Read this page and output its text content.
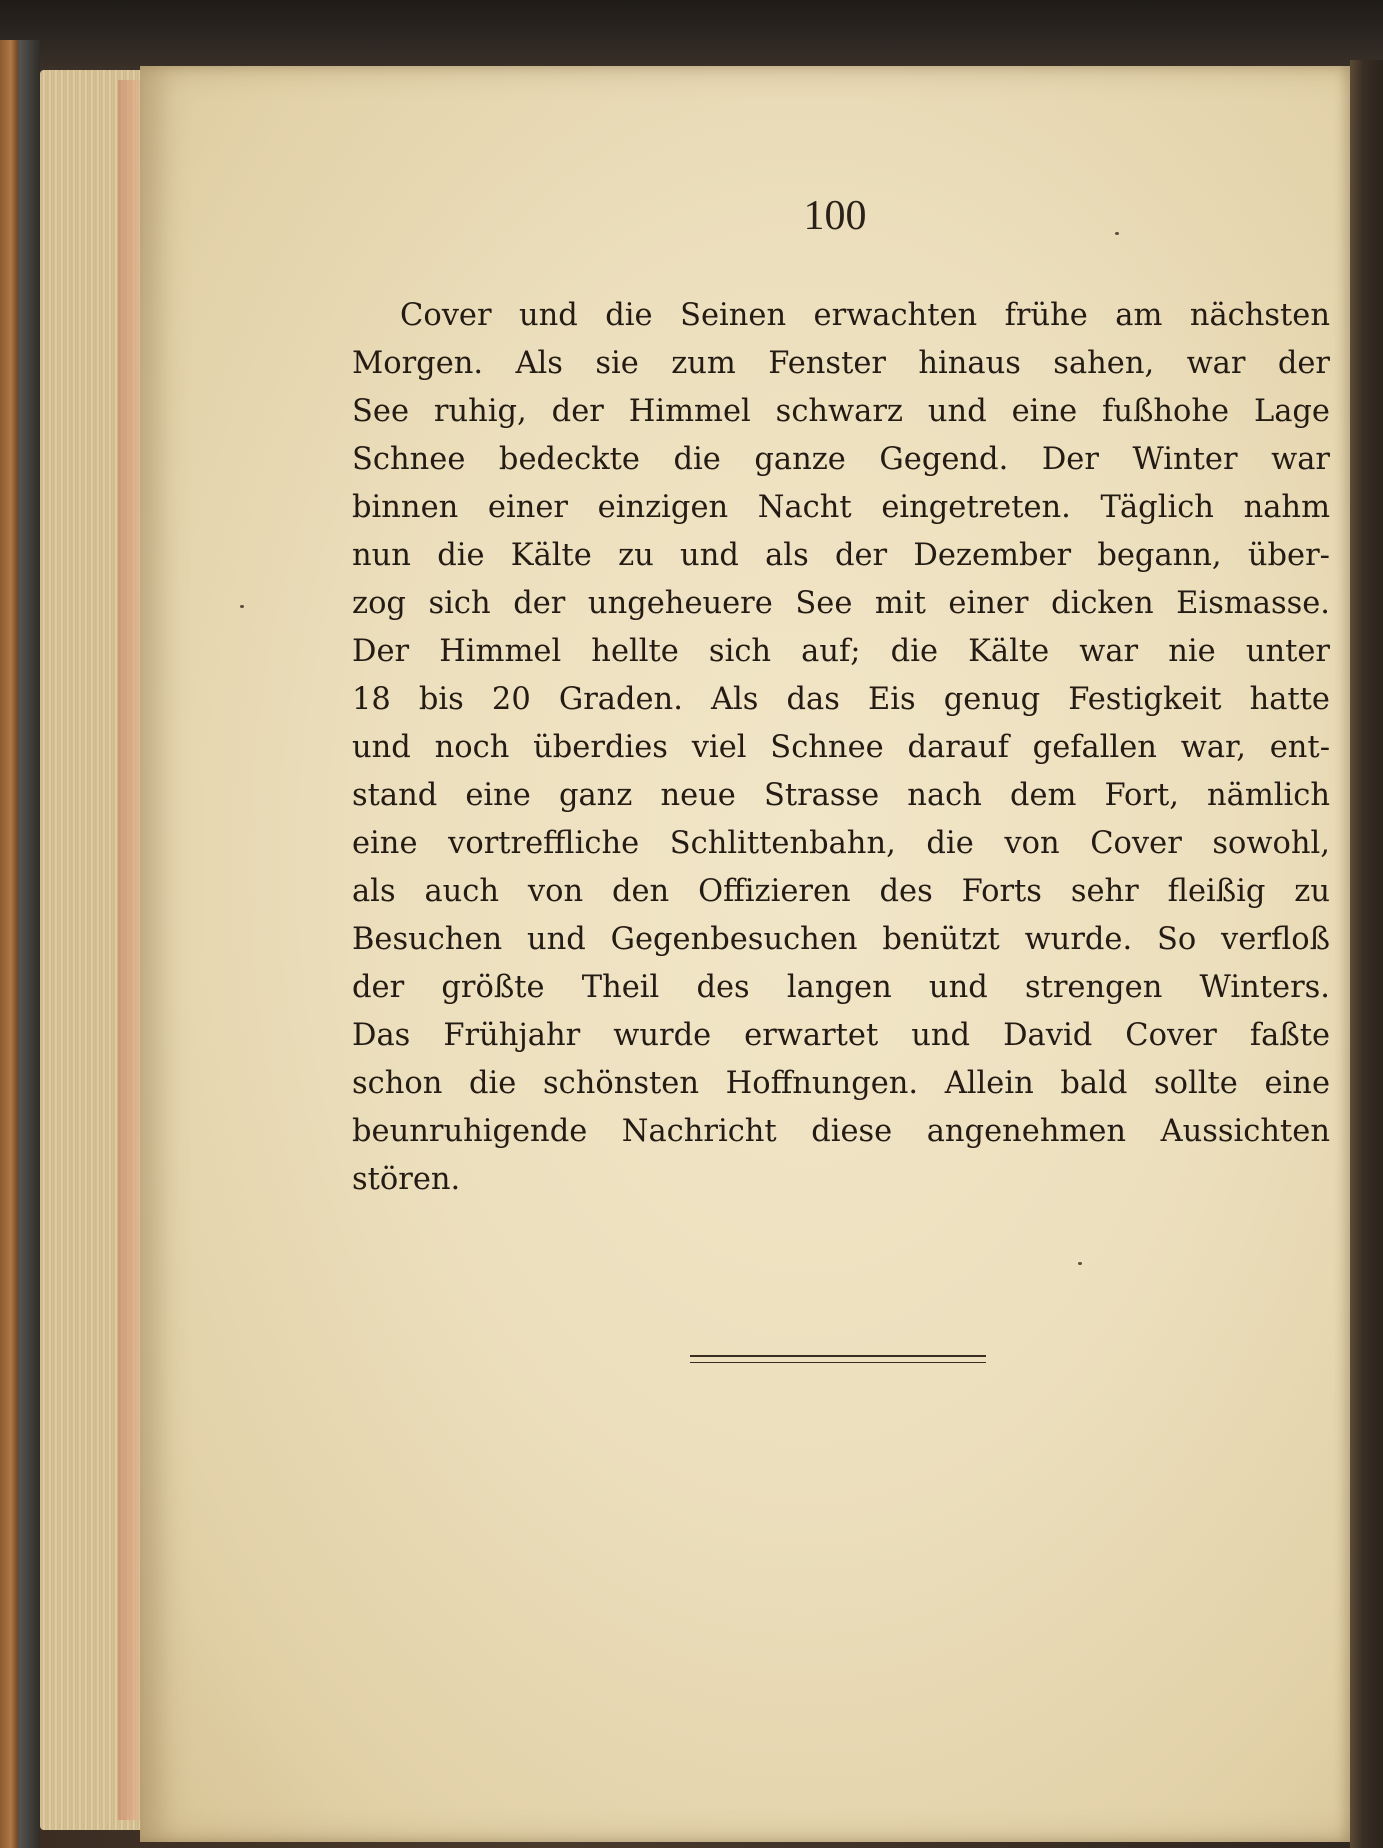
100
Cover und die Seinen erwachten frühe am nächsten
Morgen. Als sie zum Fenster hinaus sahen, war der
See ruhig, der Himmel schwarz und eine fußhohe Lage
Schnee bedeckte die ganze Gegend. Der Winter war
binnen einer einzigen Nacht eingetreten. Täglich nahm
nun die Kälte zu und als der Dezember begann, über-
zog sich der ungeheuere See mit einer dicken Eismasse.
Der Himmel hellte sich auf; die Kälte war nie unter
18 bis 20 Graden. Als das Eis genug Festigkeit hatte
und noch überdies viel Schnee darauf gefallen war, ent-
stand eine ganz neue Strasse nach dem Fort, nämlich
eine vortreffliche Schlittenbahn, die von Cover sowohl,
als auch von den Offizieren des Forts sehr fleißig zu
Besuchen und Gegenbesuchen benützt wurde. So verfloß
der größte Theil des langen und strengen Winters.
Das Frühjahr wurde erwartet und David Cover faßte
schon die schönsten Hoffnungen. Allein bald sollte eine
beunruhigende Nachricht diese angenehmen Aussichten
stören.
